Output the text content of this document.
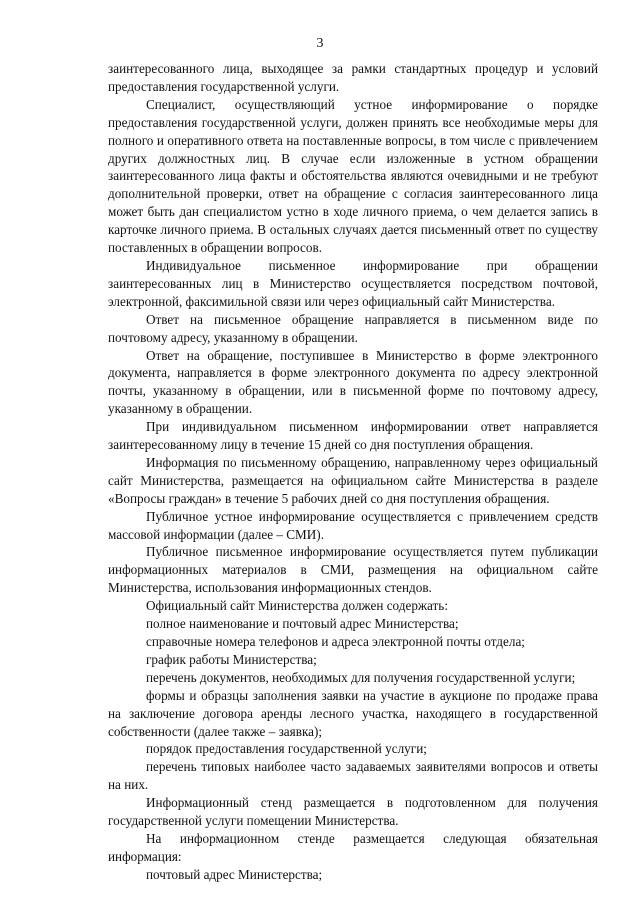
3

заинтересованного лица, выходящее за рамки стандартных процедур и условий предоставления государственной услуги.

Специалист, осуществляющий устное информирование о порядке предоставления государственной услуги, должен принять все необходимые меры для полного и оперативного ответа на поставленные вопросы, в том числе с привлечением других должностных лиц. В случае если изложенные в устном обращении заинтересованного лица факты и обстоятельства являются очевидными и не требуют дополнительной проверки, ответ на обращение с согласия заинтересованного лица может быть дан специалистом устно в ходе личного приема, о чем делается запись в карточке личного приема. В остальных случаях дается письменный ответ по существу поставленных в обращении вопросов.

Индивидуальное письменное информирование при обращении заинтересованных лиц в Министерство осуществляется посредством почтовой, электронной, факсимильной связи или через официальный сайт Министерства.

Ответ на письменное обращение направляется в письменном виде по почтовому адресу, указанному в обращении.

Ответ на обращение, поступившее в Министерство в форме электронного документа, направляется в форме электронного документа по адресу электронной почты, указанному в обращении, или в письменной форме по почтовому адресу, указанному в обращении.

При индивидуальном письменном информировании ответ направляется заинтересованному лицу в течение 15 дней со дня поступления обращения.

Информация по письменному обращению, направленному через официальный сайт Министерства, размещается на официальном сайте Министерства в разделе «Вопросы граждан» в течение 5 рабочих дней со дня поступления обращения.

Публичное устное информирование осуществляется с привлечением средств массовой информации (далее – СМИ).

Публичное письменное информирование осуществляется путем публикации информационных материалов в СМИ, размещения на официальном сайте Министерства, использования информационных стендов.

Официальный сайт Министерства должен содержать:

полное наименование и почтовый адрес Министерства;

справочные номера телефонов и адреса электронной почты отдела;

график работы Министерства;

перечень документов, необходимых для получения государственной услуги;

формы и образцы заполнения заявки на участие в аукционе по продаже права на заключение договора аренды лесного участка, находящего в государственной собственности (далее также – заявка);

порядок предоставления государственной услуги;

перечень типовых наиболее часто задаваемых заявителями вопросов и ответы на них.

Информационный стенд размещается в подготовленном для получения государственной услуги помещении Министерства.

На информационном стенде размещается следующая обязательная информация:

почтовый адрес Министерства;
